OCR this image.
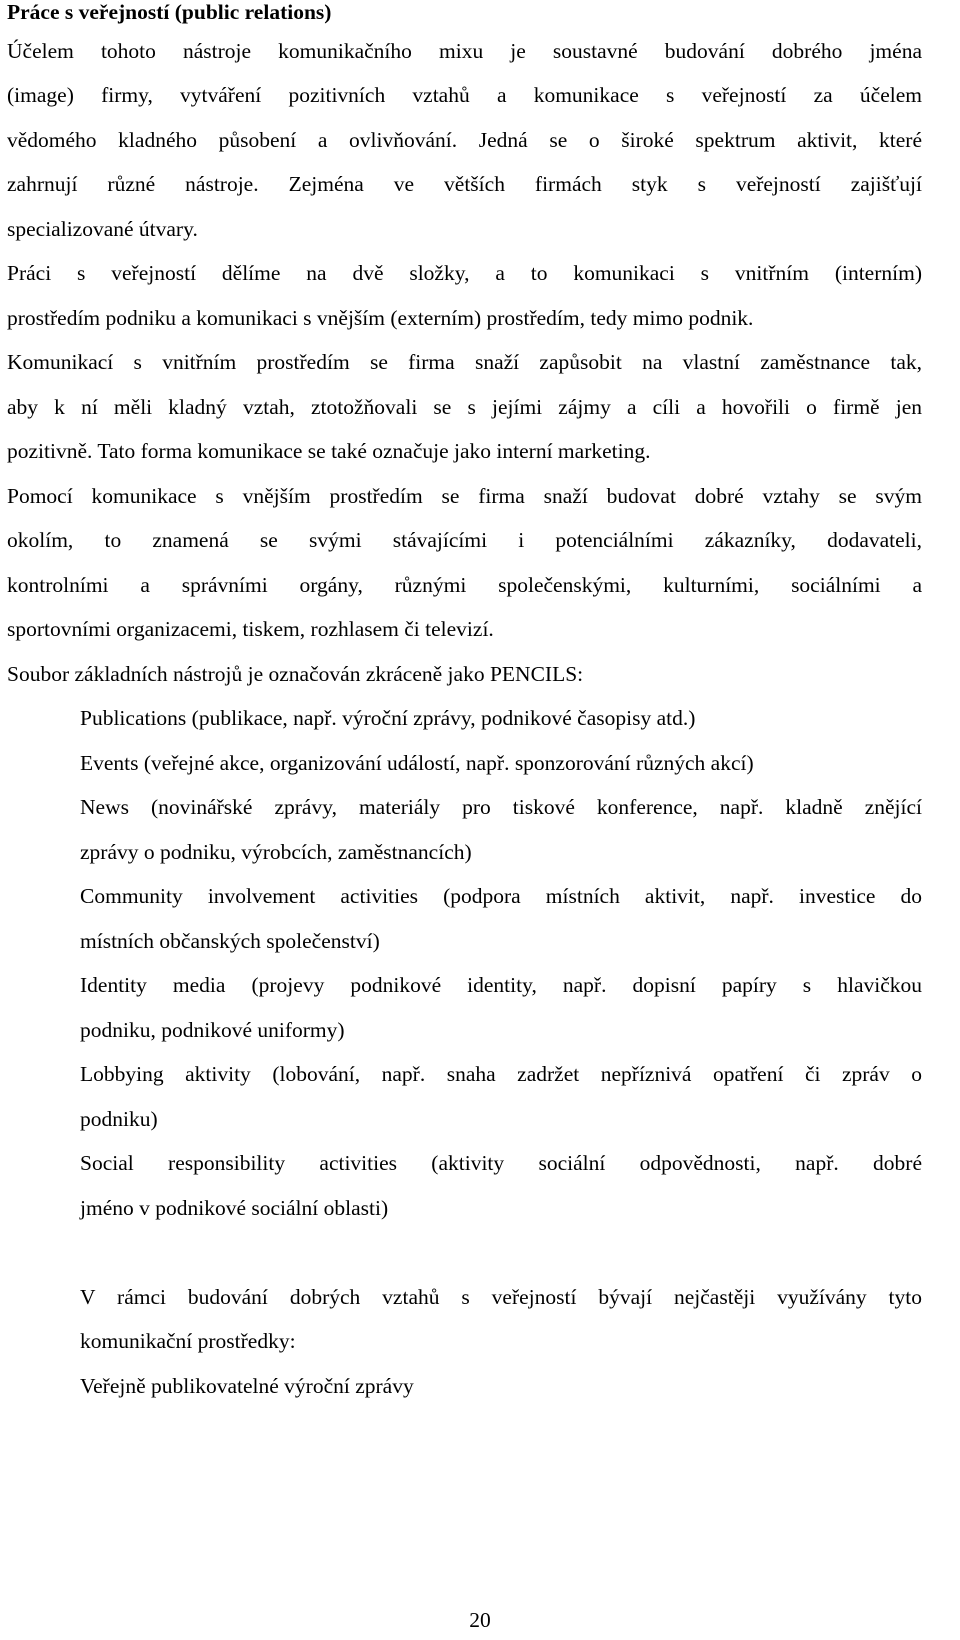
Práce s veřejností (public relations)
Účelem tohoto nástroje komunikačního mixu je soustavné budování dobrého jména
(image) firmy, vytváření pozitivních vztahů a komunikace s veřejností za účelem
vědomého kladného působení a ovlivňování. Jedná se o široké spektrum aktivit, které
zahrnují různé nástroje. Zejména ve větších firmách styk s veřejností zajišťují
specializované útvary.
Práci s veřejností dělíme na dvě složky, a to komunikaci s vnitřním (interním)
prostředím podniku a komunikaci s vnějším (externím) prostředím, tedy mimo podnik.
Komunikací s vnitřním prostředím se firma snaží zapůsobit na vlastní zaměstnance tak,
aby k ní měli kladný vztah, ztotožňovali se s jejími zájmy a cíli a hovořili o firmě jen
pozitivně. Tato forma komunikace se také označuje jako interní marketing.
Pomocí komunikace s vnějším prostředím se firma snaží budovat dobré vztahy se svým
okolím, to znamená se svými stávajícími i potenciálními zákazníky, dodavateli,
kontrolními a správními orgány, různými společenskými, kulturními, sociálními a
sportovními organizacemi, tiskem, rozhlasem či televizí.
Soubor základních nástrojů je označován zkráceně jako PENCILS:
Publications (publikace, např. výroční zprávy, podnikové časopisy atd.)
Events (veřejné akce, organizování událostí, např. sponzorování různých akcí)
News (novinářské zprávy, materiály pro tiskové konference, např. kladně znějící
zprávy o podniku, výrobcích, zaměstnancích)
Community involvement activities (podpora místních aktivit, např. investice do
místních občanských společenství)
Identity media (projevy podnikové identity, např. dopisní papíry s hlavičkou
podniku, podnikové uniformy)
Lobbying aktivity (lobování, např. snaha zadržet nepříznivá opatření či zpráv o
podniku)
Social responsibility activities (aktivity sociální odpovědnosti, např. dobré
jméno v podnikové sociální oblasti)
V rámci budování dobrých vztahů s veřejností bývají nejčastěji využívány tyto
komunikační prostředky:
Veřejně publikovatelné výroční zprávy
20
